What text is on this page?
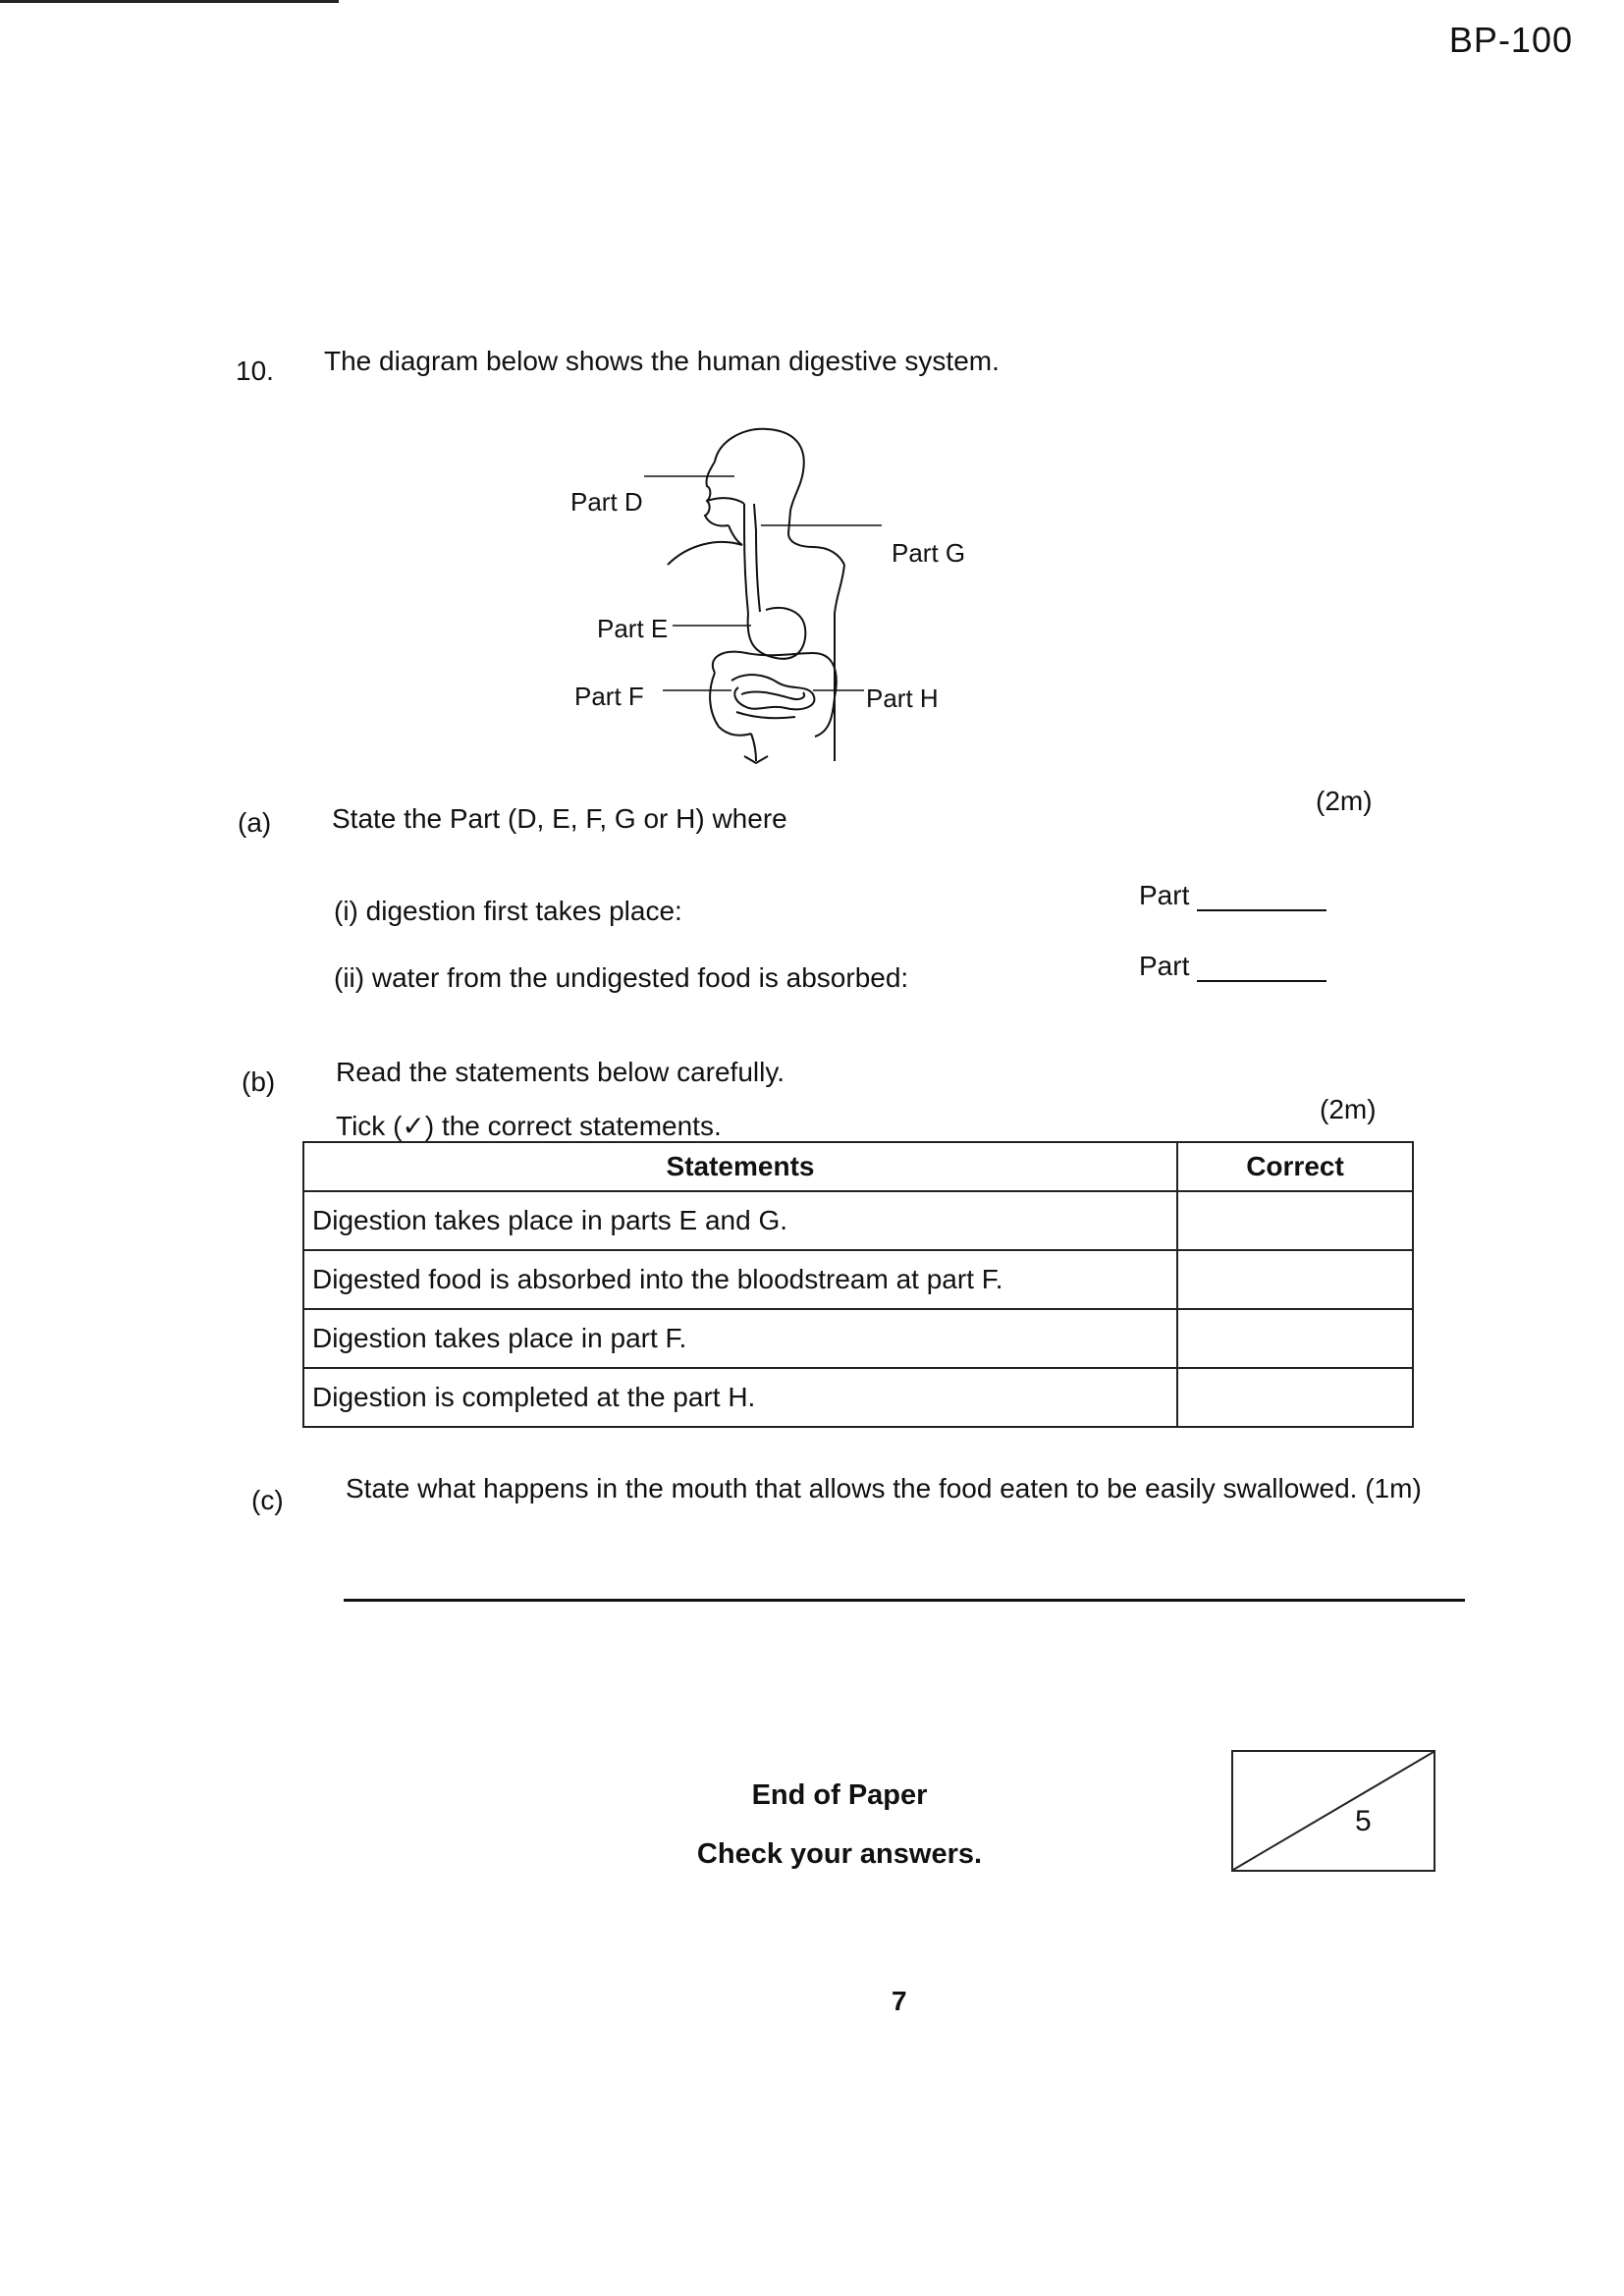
BP-100
10. The diagram below shows the human digestive system.
Part D
Part G
Part E
Part F	Part H
(a) State the Part (D, E, F, G or H) where
(2m)
(i) digestion first takes place:
Part
(ii) water from the undigested food is absorbed:	Part
(b) Read the statements below carefully.
Tick (✓) the correct statements.
(2m)
Statements	Correct
Digestion takes place in parts E and G.	
Digested food is absorbed into the bloodstream at part F.	
Digestion takes place in part F.	
Digestion is completed at the part H.	
(c) State what happens in the mouth that allows the food eaten to be easily swallowed. (1m)
End of Paper
Check your answers.
5
7
